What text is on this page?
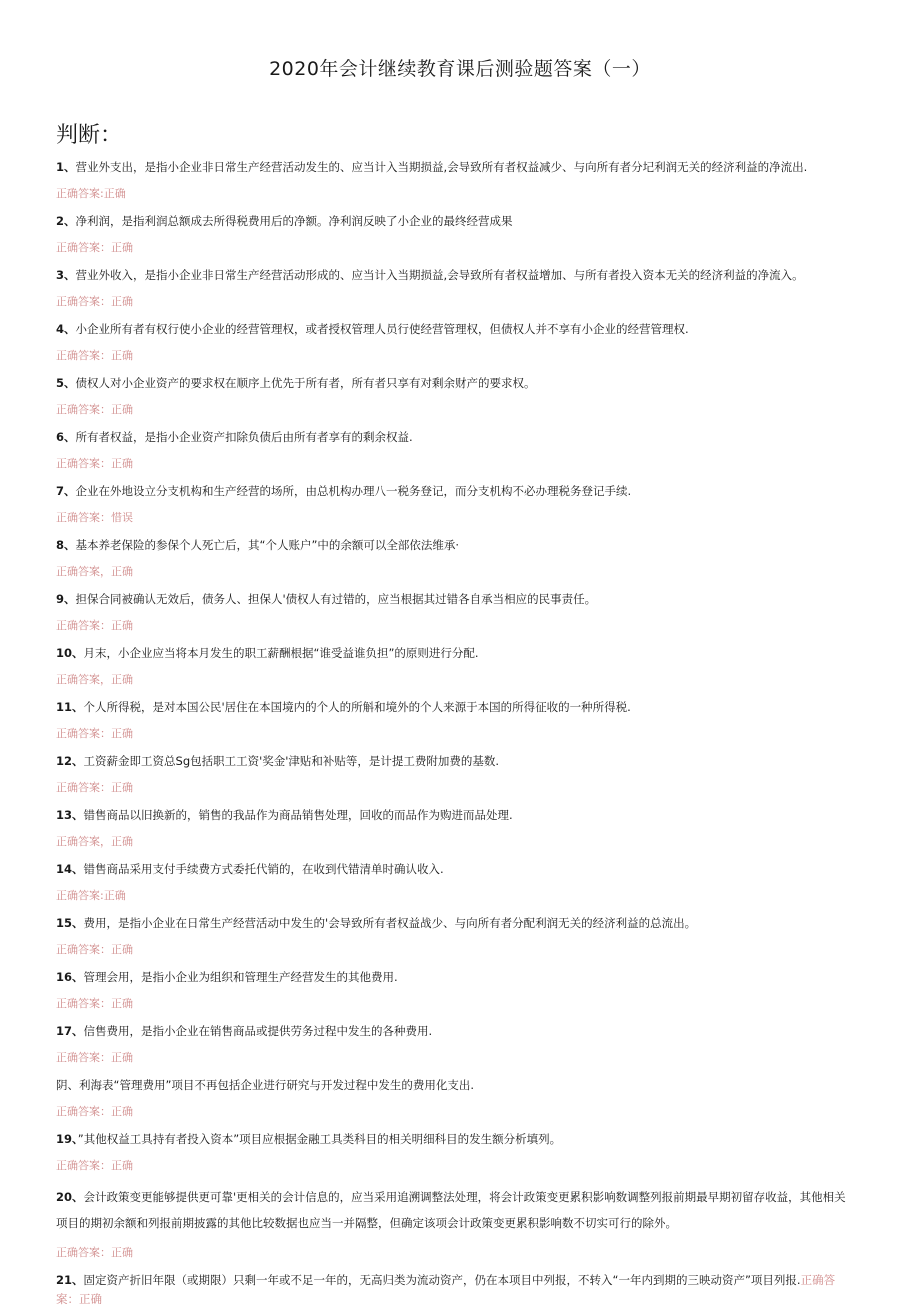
2020年会计继续教育课后测验题答案（一）
判断：

1、营业外支出，是指小企业非日常生产经营活动发生的、应当计入当期损益,会导致所有者权益减少、与向所有者分圮利润无关的经济利益的净流出.

正确答案:正确

2、净利润，是指利润总额成去所得税费用后的净额。净利润反映了小企业的最终经营成果

正确答案：正确

3、营业外收入，是指小企业非日常生产经营活动形成的、应当计入当期损益,会导致所有者权益增加、与所有者投入资本无关的经济利益的净流入。

正确答案：正确

4、小企业所有者有权行使小企业的经营管理权，或者授权管理人员行使经营管理权，但债权人并不享有小企业的经营管理权.

正确答案：正确

5、债权人对小企业资产的要求权在顺序上优先于所有者，所有者只享有对剩余财产的要求权。

正确答案：正确

6、所有者权益，是指小企业资产扣除负债后由所有者享有的剩余权益.

正确答案：正确

7、企业在外地设立分支机构和生产经营的场所，由总机构办理八一税务登记，而分支机构不必办理税务登记手续.

正确答案：惜误

8、基本养老保险的参保个人死亡后，其“个人账户”中的余额可以全部依法维承·

正确答案，正确

9、担保合同被确认无效后，债务人、担保人'债权人有过错的，应当根据其过错各自承当相应的民事责任。

正确答案：正确

10、月末，小企业应当将本月发生的职工薪酬根据“谁受益谁负担”的原则进行分配.

正确答案，正确

11、个人所得税，是对本国公民'居住在本国境内的个人的所斛和境外的个人来源于本国的所得征收的一种所得税.

正确答案：正确

12、工资薪金即工资总Sg包括职工工资'奖金'津贴和补贴等，是计提工费附加费的基数.

正确答案：正确

13、错售商品以旧换新的，销售的我品作为商品销售处理，回收的而品作为购进而品处理.

正确答案，正确

14、错售商品采用支付手续费方式委托代销的，在收到代错清单时确认收入.

正确答案:正确

15、费用，是指小企业在日常生产经营活动中发生的'会导致所有者权益战少、与向所有者分配利润无关的经济利益的总流出。

正确答案：正确

16、管理会用，是指小企业为组织和管理生产经营发生的其他费用.

正确答案：正确

17、信售费用，是指小企业在销售商品或提供劳务过程中发生的各种费用.

正确答案：正确

阴、利海表“管理费用”项目不再包括企业进行研究与开发过程中发生的费用化支出.

正确答案：正确

19、”其他权益工具持有者投入资本”项目应根据金融工具类科目的相关明细科目的发生额分析填列。

正确答案：正确

20、会计政策变更能够提供更可靠'更相关的会计信息的，应当采用追溯调整法处理，将会计政策变更累积影响数调整列报前期最早期初留存收益，其他相关项目的期初余额和列报前期披露的其他比较数据也应当一并隔整，但确定该项会计政策变更累积影响数不切实可行的除外。

正确答案：正确

21、固定资产折旧年限（或期限）只剩一年或不足一年的，无高归类为流动资产，仍在本项目中列报，不转入“一年内到期的三映动资产”项目列报.正确答案：正确
